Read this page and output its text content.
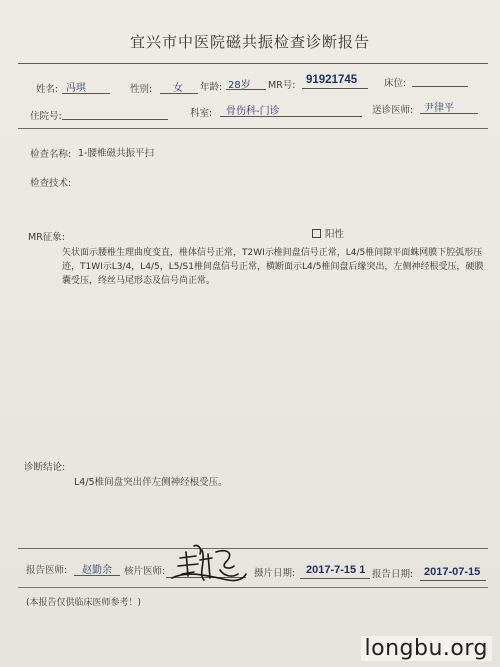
宜兴市中医院磁共振检查诊断报告
姓名: 冯琪	性别: 女 年龄: 28岁 MR号: 91921745	床位:
住院号:	科室: 骨伤科-门诊	送诊医师: 尹律平
检查名称: 1-腰椎磁共振平扫
检查技术:
MR征象:	阳性
矢状面示腰椎生理曲度变直，椎体信号正常，T2WI示椎间盘信号正常，L4/5椎间隙平面蛛网膜下腔弧形压迹，T1WI示L3/4，L4/5，L5/S1椎间盘信号正常，横断面示L4/5椎间盘后缘突出，左侧神经根受压，硬膜囊受压，终丝马尾形态及信号尚正常。
诊断结论:
L4/5椎间盘突出伴左侧神经根受压。
报告医师: 赵勤余 核片医师:	摄片日期: 2017-7-15 1 报告日期: 2017-07-15
(本报告仅供临床医师参考！)
longbu.org
